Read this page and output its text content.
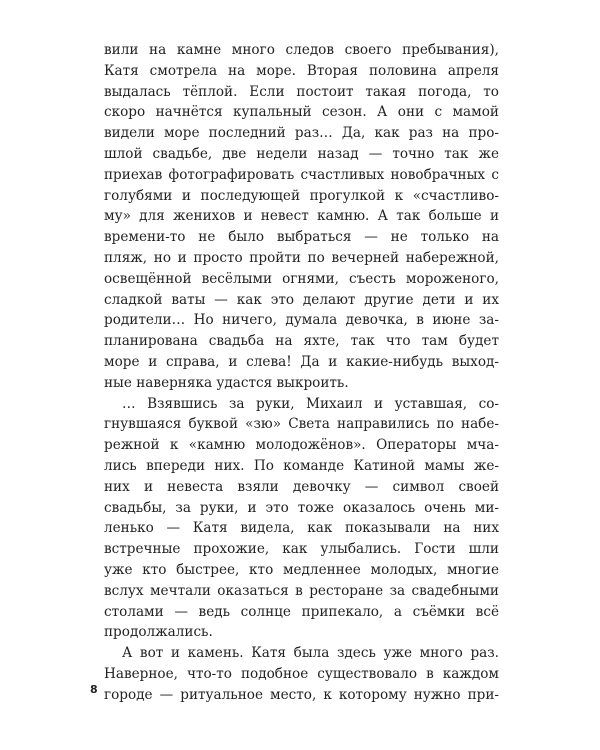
вили на камне много следов своего пребывания),
Катя смотрела на море. Вторая половина апреля
выдалась тёплой. Если постоит такая погода, то
скоро начнётся купальный сезон. А они с мамой
видели море последний раз… Да, как раз на про-
шлой свадьбе, две недели назад — точно так же
приехав фотографировать счастливых новобрачных с
голубями и последующей прогулкой к «счастливо-
му» для женихов и невест камню. А так больше и
времени-то не было выбраться — не только на
пляж, но и просто пройти по вечерней набережной,
освещённой весёлыми огнями, съесть мороженого,
сладкой ваты — как это делают другие дети и их
родители… Но ничего, думала девочка, в июне за-
планирована свадьба на яхте, так что там будет
море и справа, и слева! Да и какие-нибудь выход-
ные наверняка удастся выкроить.
… Взявшись за руки, Михаил и уставшая, со-
гнувшаяся буквой «зю» Света направились по набе-
режной к «камню молодожёнов». Операторы мча-
лись впереди них. По команде Катиной мамы же-
них и невеста взяли девочку — символ своей
свадьбы, за руки, и это тоже оказалось очень ми-
ленько — Катя видела, как показывали на них
встречные прохожие, как улыбались. Гости шли
уже кто быстрее, кто медленнее молодых, многие
вслух мечтали оказаться в ресторане за свадебными
столами — ведь солнце припекало, а съёмки всё
продолжались.
А вот и камень. Катя была здесь уже много раз.
Наверное, что-то подобное существовало в каждом
городе — ритуальное место, к которому нужно при-
8
